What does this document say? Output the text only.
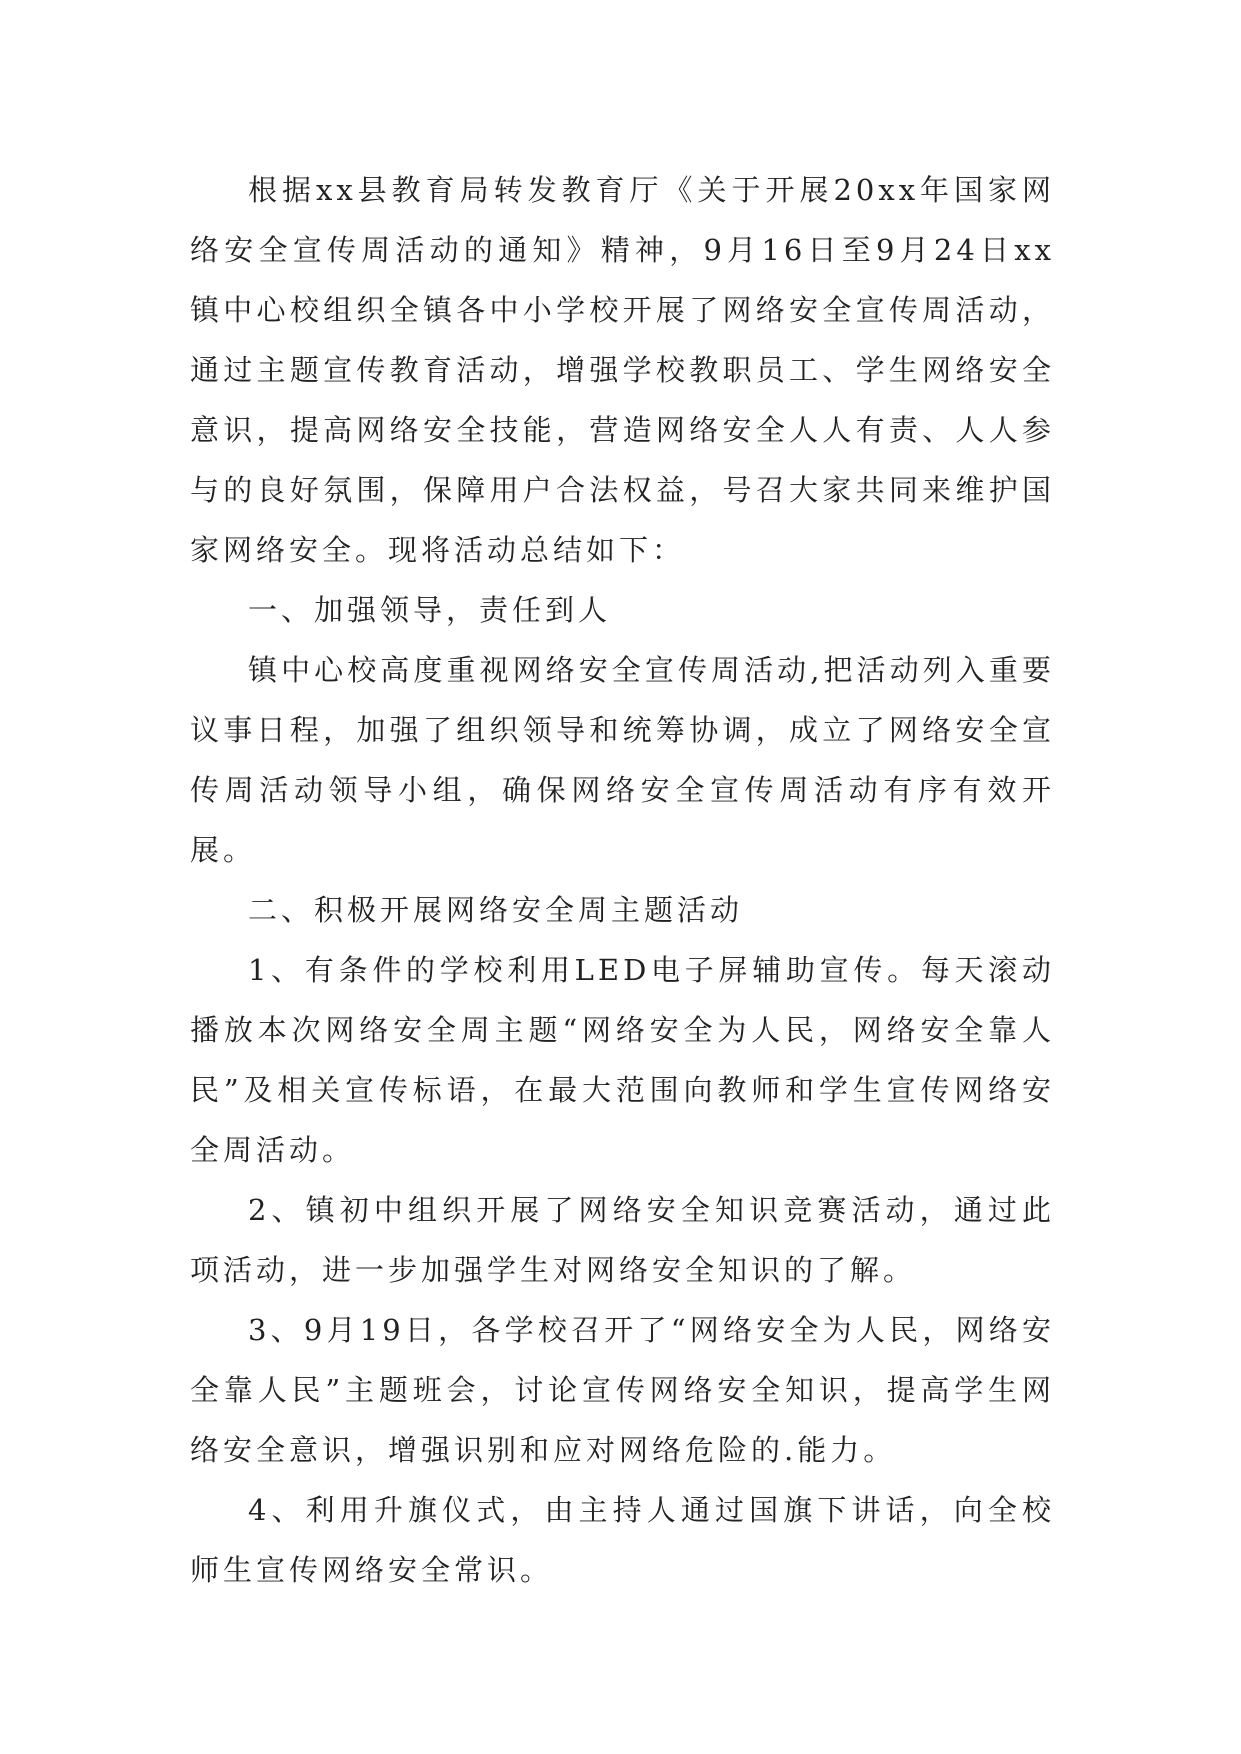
根据xx县教育局转发教育厅《关于开展20xx年国家网络安全宣传周活动的通知》精神，9月16日至9月24日xx镇中心校组织全镇各中小学校开展了网络安全宣传周活动，通过主题宣传教育活动，增强学校教职员工、学生网络安全意识，提高网络安全技能，营造网络安全人人有责、人人参与的良好氛围，保障用户合法权益，号召大家共同来维护国家网络安全。现将活动总结如下：

一、加强领导，责任到人

镇中心校高度重视网络安全宣传周活动,把活动列入重要议事日程，加强了组织领导和统筹协调，成立了网络安全宣传周活动领导小组，确保网络安全宣传周活动有序有效开展。

二、积极开展网络安全周主题活动

1、有条件的学校利用LED电子屏辅助宣传。每天滚动播放本次网络安全周主题“网络安全为人民，网络安全靠人民”及相关宣传标语，在最大范围向教师和学生宣传网络安全周活动。

2、镇初中组织开展了网络安全知识竞赛活动，通过此项活动，进一步加强学生对网络安全知识的了解。

3、9月19日，各学校召开了“网络安全为人民，网络安全靠人民”主题班会，讨论宣传网络安全知识，提高学生网络安全意识，增强识别和应对网络危险的.能力。

4、利用升旗仪式，由主持人通过国旗下讲话，向全校师生宣传网络安全常识。
